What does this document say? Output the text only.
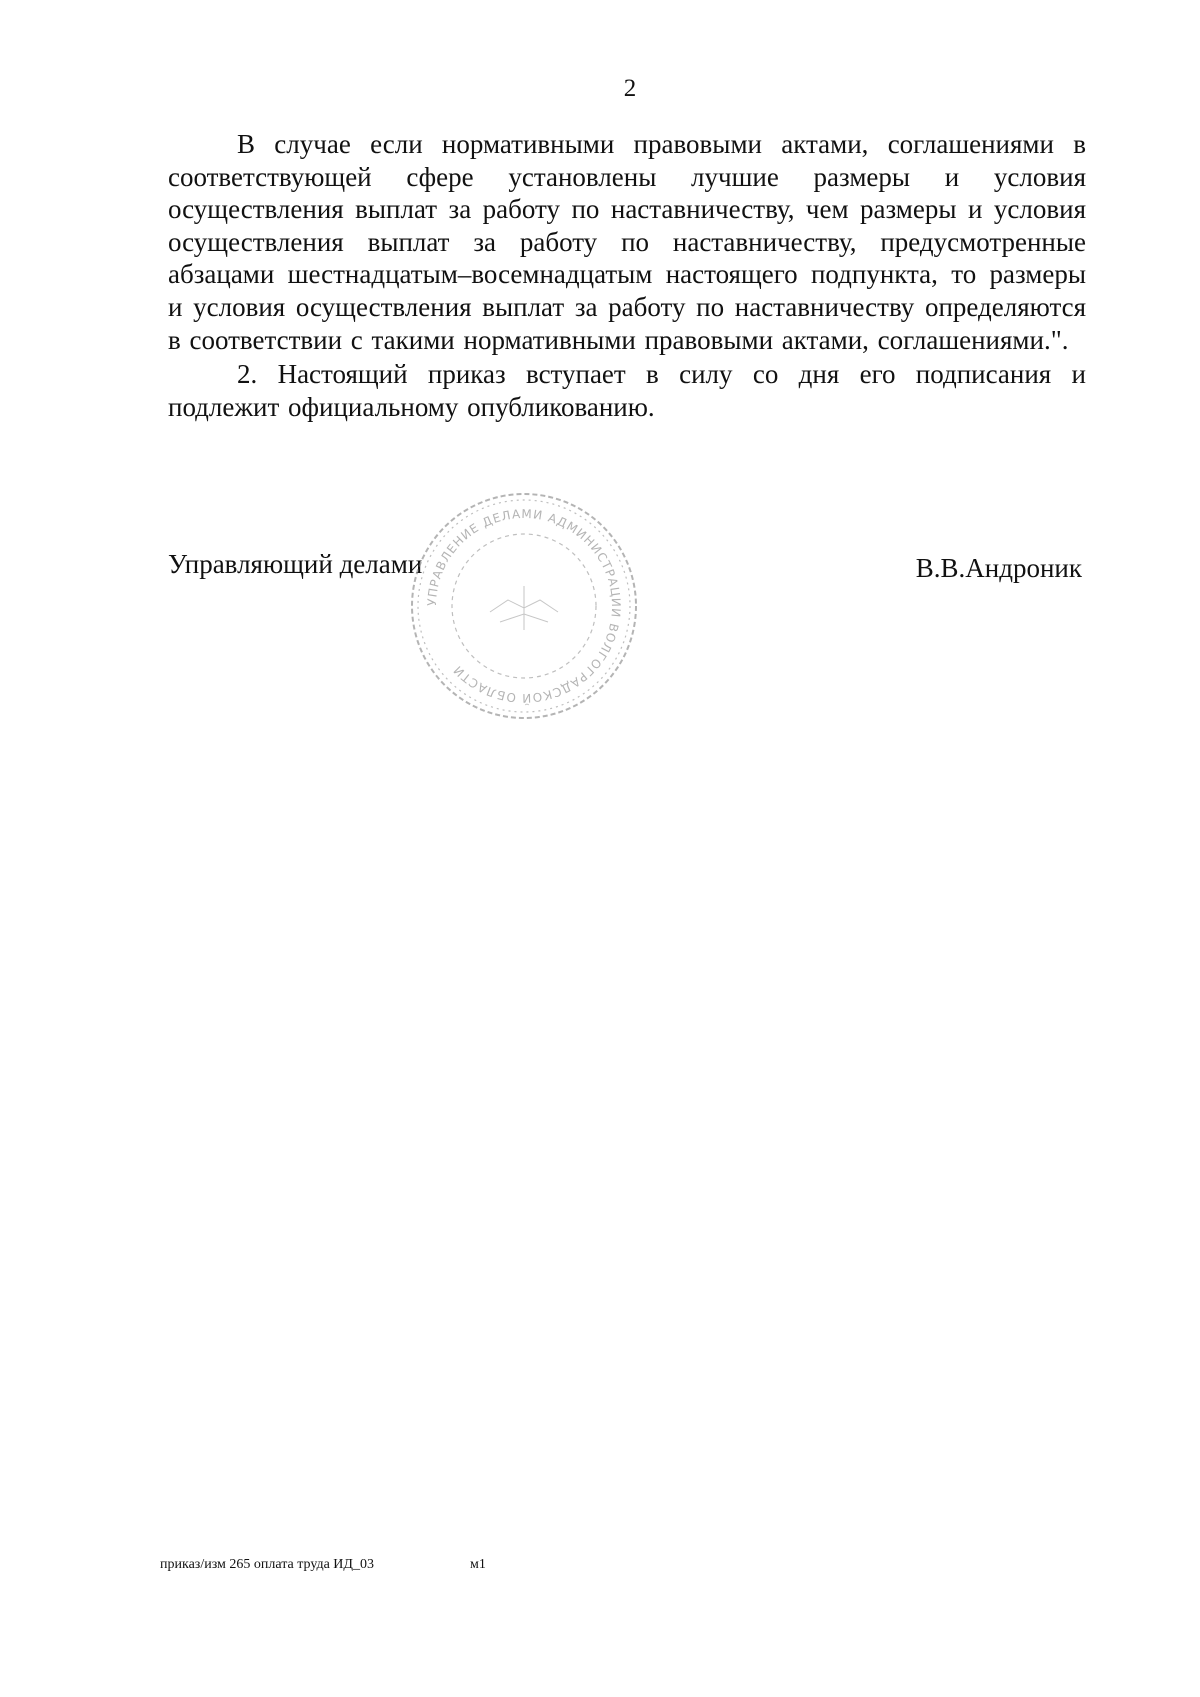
2

В случае если нормативными правовыми актами, соглашениями в соответствующей сфере установлены лучшие размеры и условия осуществления выплат за работу по наставничеству, чем размеры и условия осуществления выплат за работу по наставничеству, предусмотренные абзацами шестнадцатым–восемнадцатым настоящего подпункта, то размеры и условия осуществления выплат за работу по наставничеству определяются в соответствии с такими нормативными правовыми актами, соглашениями.".

2. Настоящий приказ вступает в силу со дня его подписания и подлежит официальному опубликованию.

Управляющий делами
УПРАВЛЕНИЕ ДЕЛАМИ АДМИНИСТРАЦИИ ВОЛГОГРАДСКОЙ ОБЛАСТИ
В.В.Андроник
приказ/изм 265 оплата труда ИД_03	м1
